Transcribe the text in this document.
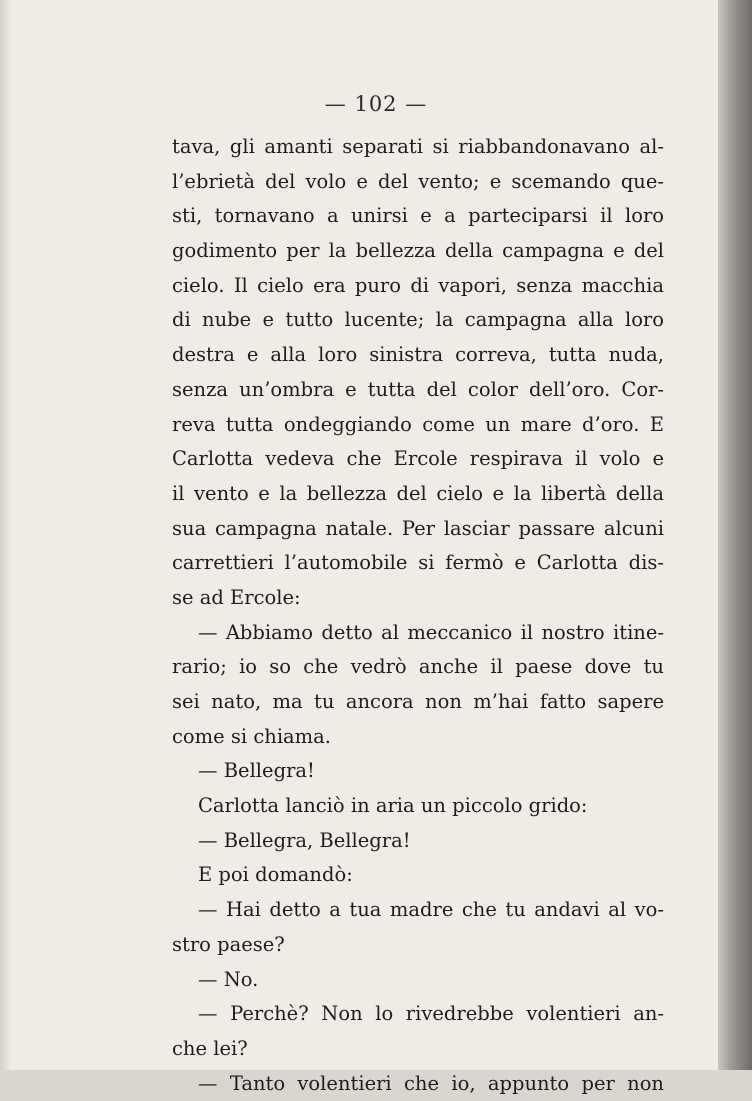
— 102 —
tava, gli amanti separati si riabbandonavano al-
l’ebrietà del volo e del vento; e scemando que-
sti, tornavano a unirsi e a parteciparsi il loro
godimento per la bellezza della campagna e del
cielo. Il cielo era puro di vapori, senza macchia
di nube e tutto lucente; la campagna alla loro
destra e alla loro sinistra correva, tutta nuda,
senza un’ombra e tutta del color dell’oro. Cor-
reva tutta ondeggiando come un mare d’oro. E
Carlotta vedeva che Ercole respirava il volo e
il vento e la bellezza del cielo e la libertà della
sua campagna natale. Per lasciar passare alcuni
carrettieri l’automobile si fermò e Carlotta dis-
se ad Ercole:
— Abbiamo detto al meccanico il nostro itine-
rario; io so che vedrò anche il paese dove tu
sei nato, ma tu ancora non m’hai fatto sapere
come si chiama.
— Bellegra!
Carlotta lanciò in aria un piccolo grido:
— Bellegra, Bellegra!
E poi domandò:
— Hai detto a tua madre che tu andavi al vo-
stro paese?
— No.
— Perchè? Non lo rivedrebbe volentieri an-
che lei?
— Tanto volentieri che io, appunto per non
